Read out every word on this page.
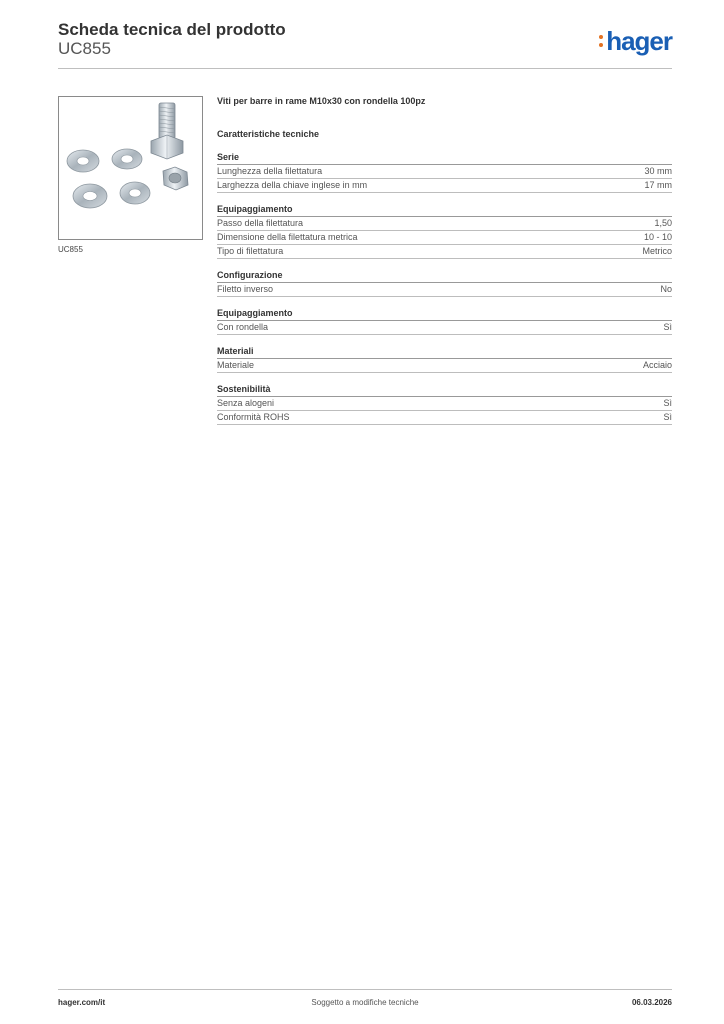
Scheda tecnica del prodotto
UC855	hager
UC855
Viti per barre in rame M10x30 con rondella 100pz
Caratteristiche tecniche
Serie
Lunghezza della filettatura	30 mm
Larghezza della chiave inglese in mm	17 mm
Equipaggiamento
Passo della filettatura	1,50
Dimensione della filettatura metrica	10 - 10
Tipo di filettatura	Metrico
Configurazione
Filetto inverso	No
Equipaggiamento
Con rondella	Sì
Materiali
Materiale	Acciaio
Sostenibilità
Senza alogeni	Sì
Conformità ROHS	Sì
hager.com/it	Soggetto a modifiche tecniche	06.03.2026
